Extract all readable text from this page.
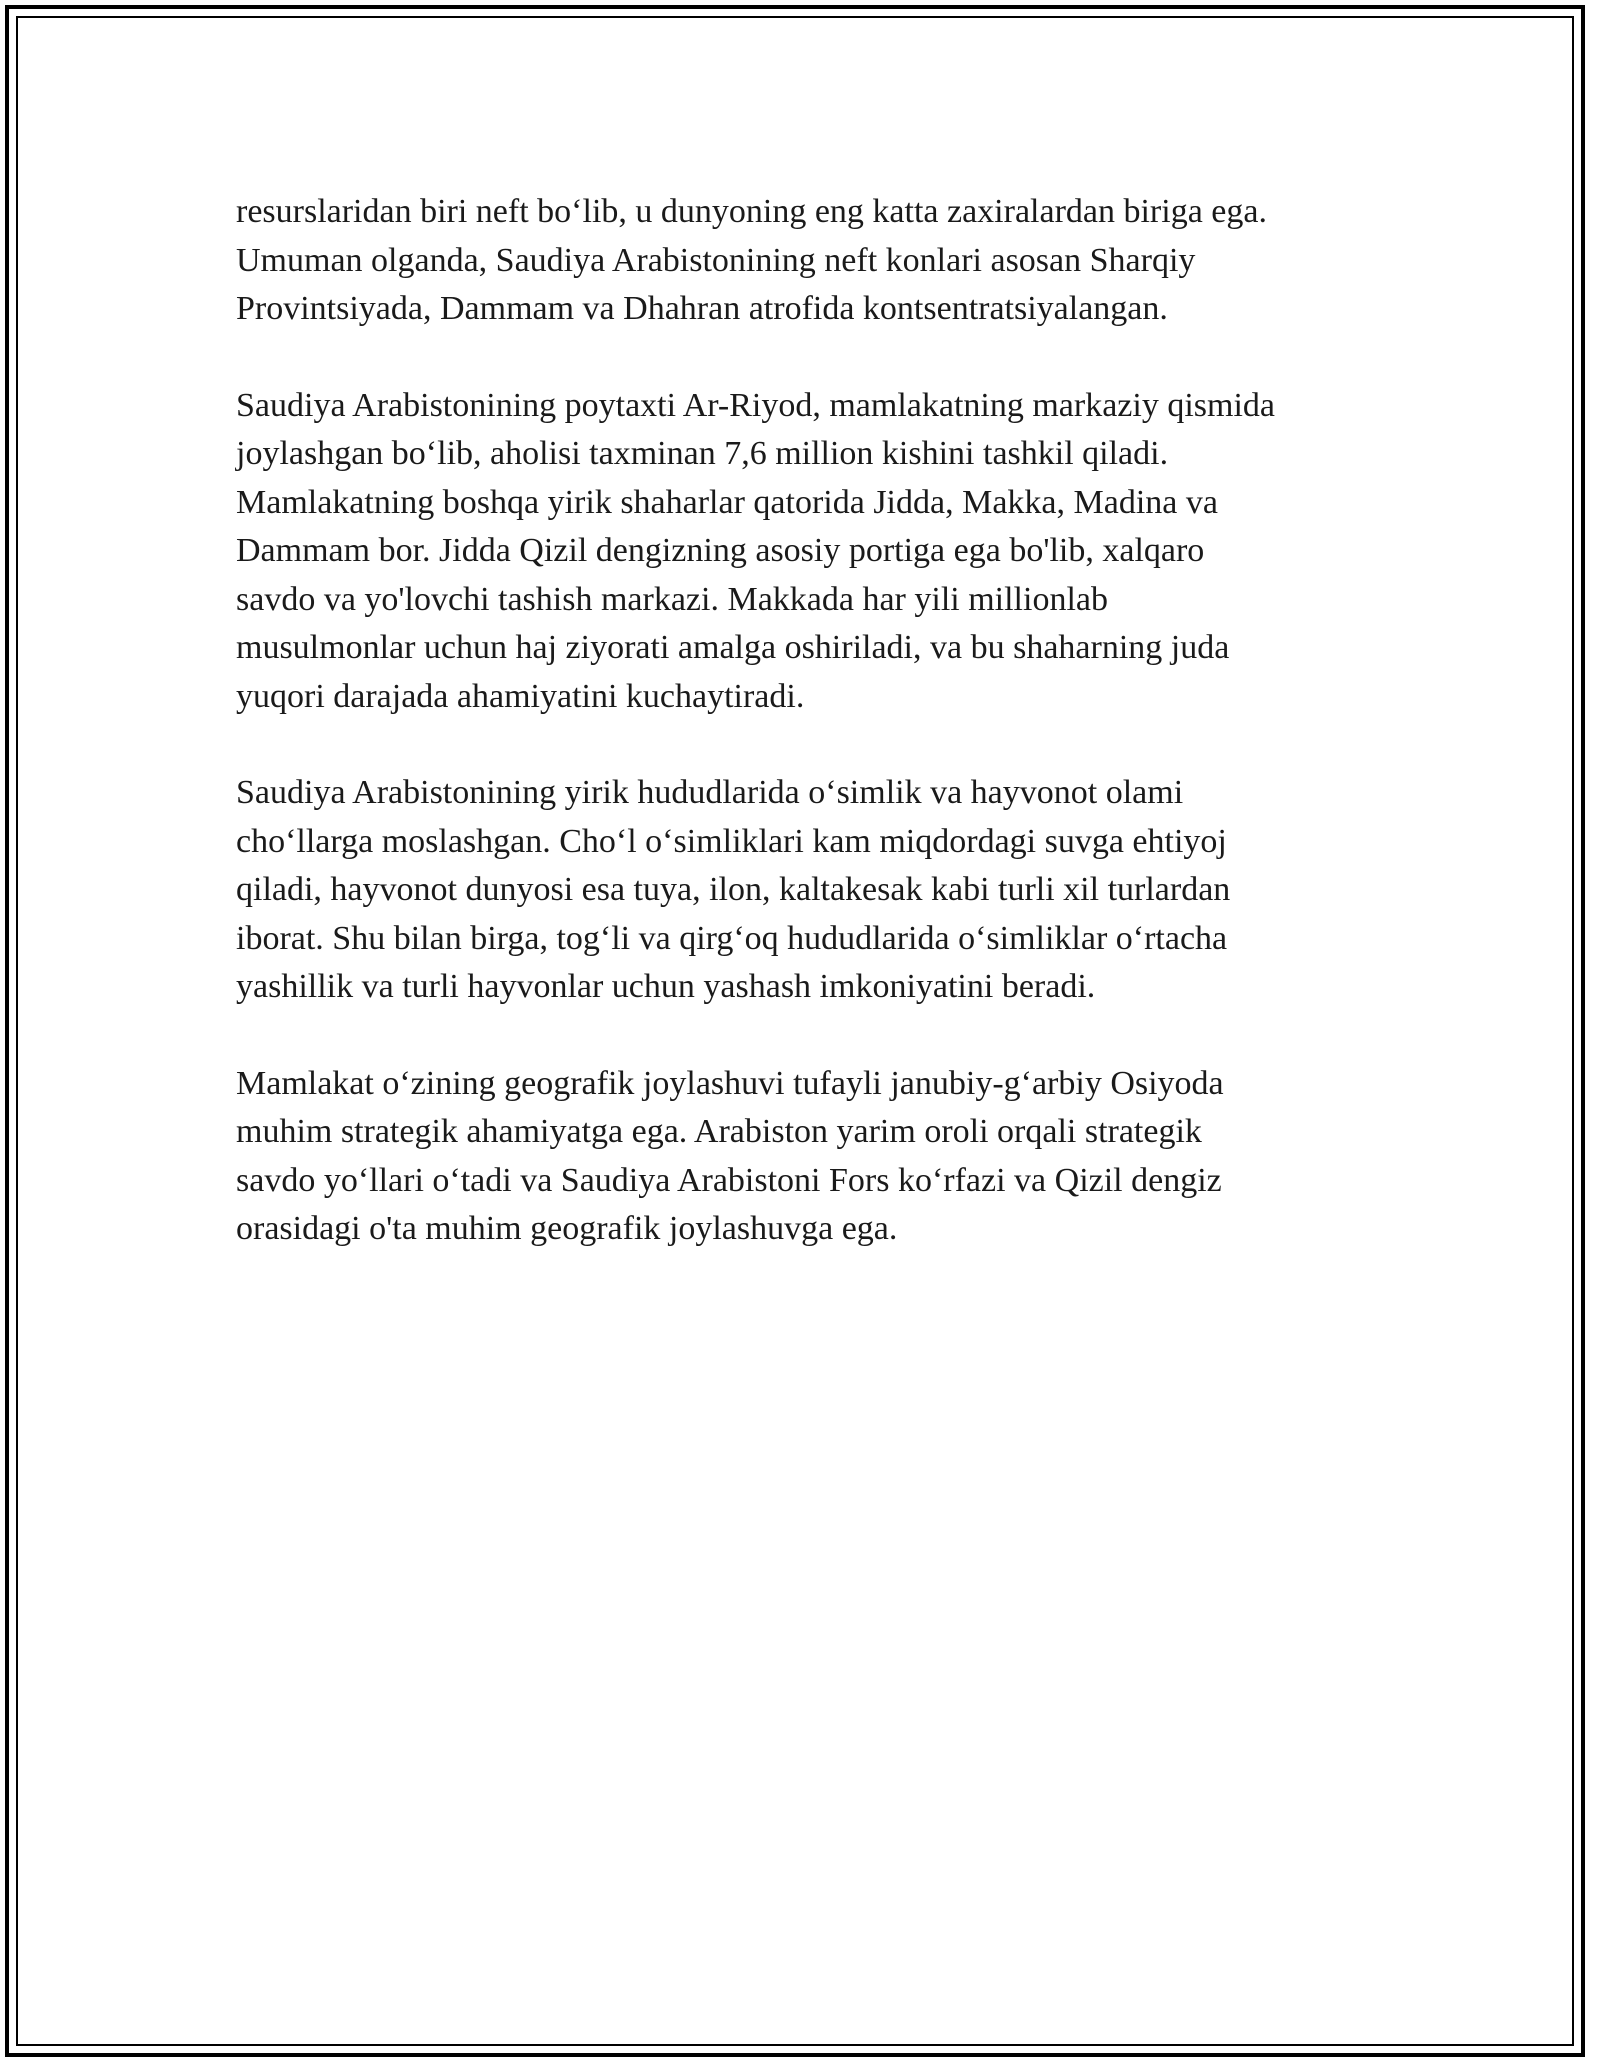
resurslaridan biri neft bo‘lib, u dunyoning eng katta zaxiralardan biriga ega.
Umuman olganda, Saudiya Arabistonining neft konlari asosan Sharqiy
Provintsiyada, Dammam va Dhahran atrofida kontsentratsiyalangan.

Saudiya Arabistonining poytaxti Ar-Riyod, mamlakatning markaziy qismida
joylashgan bo‘lib, aholisi taxminan 7,6 million kishini tashkil qiladi.
Mamlakatning boshqa yirik shaharlar qatorida Jidda, Makka, Madina va
Dammam bor. Jidda Qizil dengizning asosiy portiga ega bo'lib, xalqaro
savdo va yo'lovchi tashish markazi. Makkada har yili millionlab
musulmonlar uchun haj ziyorati amalga oshiriladi, va bu shaharning juda
yuqori darajada ahamiyatini kuchaytiradi.

Saudiya Arabistonining yirik hududlarida o‘simlik va hayvonot olami
cho‘llarga moslashgan. Cho‘l o‘simliklari kam miqdordagi suvga ehtiyoj
qiladi, hayvonot dunyosi esa tuya, ilon, kaltakesak kabi turli xil turlardan
iborat. Shu bilan birga, tog‘li va qirg‘oq hududlarida o‘simliklar o‘rtacha
yashillik va turli hayvonlar uchun yashash imkoniyatini beradi.

Mamlakat o‘zining geografik joylashuvi tufayli janubiy-g‘arbiy Osiyoda
muhim strategik ahamiyatga ega. Arabiston yarim oroli orqali strategik
savdo yo‘llari o‘tadi va Saudiya Arabistoni Fors ko‘rfazi va Qizil dengiz
orasidagi o'ta muhim geografik joylashuvga ega.
